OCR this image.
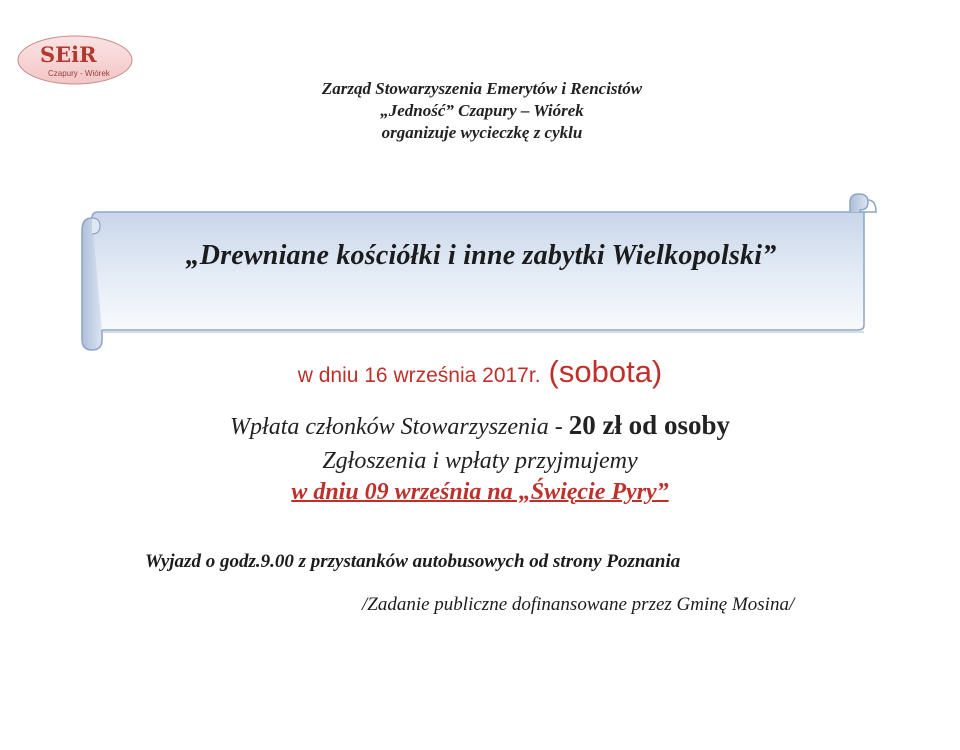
SEiR
Czapury - Wiórek
Zarząd Stowarzyszenia Emerytów i Rencistów
„Jedność” Czapury – Wiórek
organizuje wycieczkę z cyklu
„Drewniane kościółki i inne zabytki Wielkopolski”
w dniu 16 września 2017r. (sobota)
Wpłata członków Stowarzyszenia - 20 zł od osoby
Zgłoszenia i wpłaty przyjmujemy
w dniu 09 września na „Święcie Pyry”
Wyjazd o godz.9.00 z przystanków autobusowych od strony Poznania
/Zadanie publiczne dofinansowane przez Gminę Mosina/
